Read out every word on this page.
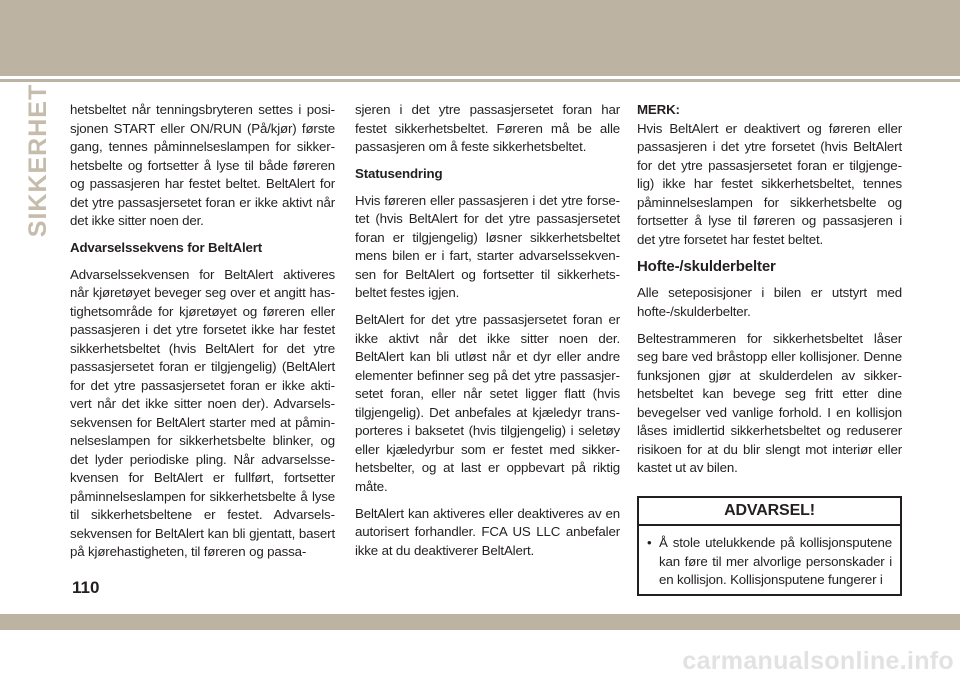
SIKKERHET hetsbeltet når tenningsbryteren settes i posisjonen START eller ON/RUN (På/kjør) første gang, tennes påminnelseslampen for sikkerhetsbelte og fortsetter å lyse til både føreren og passasjeren har festet beltet. BeltAlert for det ytre passasjersetet foran er ikke aktivt når det ikke sitter noen der.

Advarselssekvens for BeltAlert

Advarselssekvensen for BeltAlert aktiveres når kjøretøyet beveger seg over et angitt hastighetsområde for kjøretøyet og føreren eller passasjeren i det ytre forsetet ikke har festet sikkerhetsbeltet (hvis BeltAlert for det ytre passasjersetet foran er tilgjengelig) (BeltAlert for det ytre passasjersetet foran er ikke aktivert når det ikke sitter noen der). Advarselssekvensen for BeltAlert starter med at påminnelseslampen for sikkerhetsbelte blinker, og det lyder periodiske pling. Når advarselssekvensen for BeltAlert er fullført, fortsetter påminnelseslampen for sikkerhetsbelte å lyse til sikkerhetsbeltene er festet. Advarselssekvensen for BeltAlert kan bli gjentatt, basert på kjørehastigheten, til føreren og passa-

sjeren i det ytre passasjersetet foran har festet sikkerhetsbeltet. Føreren må be alle passasjeren om å feste sikkerhetsbeltet.

Statusendring

Hvis føreren eller passasjeren i det ytre forsetet (hvis BeltAlert for det ytre passasjersetet foran er tilgjengelig) løsner sikkerhetsbeltet mens bilen er i fart, starter advarselssekvensen for BeltAlert og fortsetter til sikkerhetsbeltet festes igjen.

BeltAlert for det ytre passasjersetet foran er ikke aktivt når det ikke sitter noen der. BeltAlert kan bli utløst når et dyr eller andre elementer befinner seg på det ytre passasjersetet foran, eller når setet ligger flatt (hvis tilgjengelig). Det anbefales at kjæledyr transporteres i baksetet (hvis tilgjengelig) i seletøy eller kjæledyrbur som er festet med sikkerhetsbelter, og at last er oppbevart på riktig måte.

BeltAlert kan aktiveres eller deaktiveres av en autorisert forhandler. FCA US LLC anbefaler ikke at du deaktiverer BeltAlert.

MERK:

Hvis BeltAlert er deaktivert og føreren eller passasjeren i det ytre forsetet (hvis BeltAlert for det ytre passasjersetet foran er tilgjengelig) ikke har festet sikkerhetsbeltet, tennes påminnelseslampen for sikkerhetsbelte og fortsetter å lyse til føreren og passasjeren i det ytre forsetet har festet beltet.

Hofte-/skulderbelter

Alle seteposisjoner i bilen er utstyrt med hofte-/skulderbelter.

Beltestrammeren for sikkerhetsbeltet låser seg bare ved bråstopp eller kollisjoner. Denne funksjonen gjør at skulderdelen av sikkerhetsbeltet kan bevege seg fritt etter dine bevegelser ved vanlige forhold. I en kollisjon låses imidlertid sikkerhetsbeltet og reduserer risikoen for at du blir slengt mot interiør eller kastet ut av bilen.

ADVARSEL!
• Å stole utelukkende på kollisjonsputene kan føre til mer alvorlige personskader i en kollisjon. Kollisjonsputene fungerer i
110
carmanualsonline.info
